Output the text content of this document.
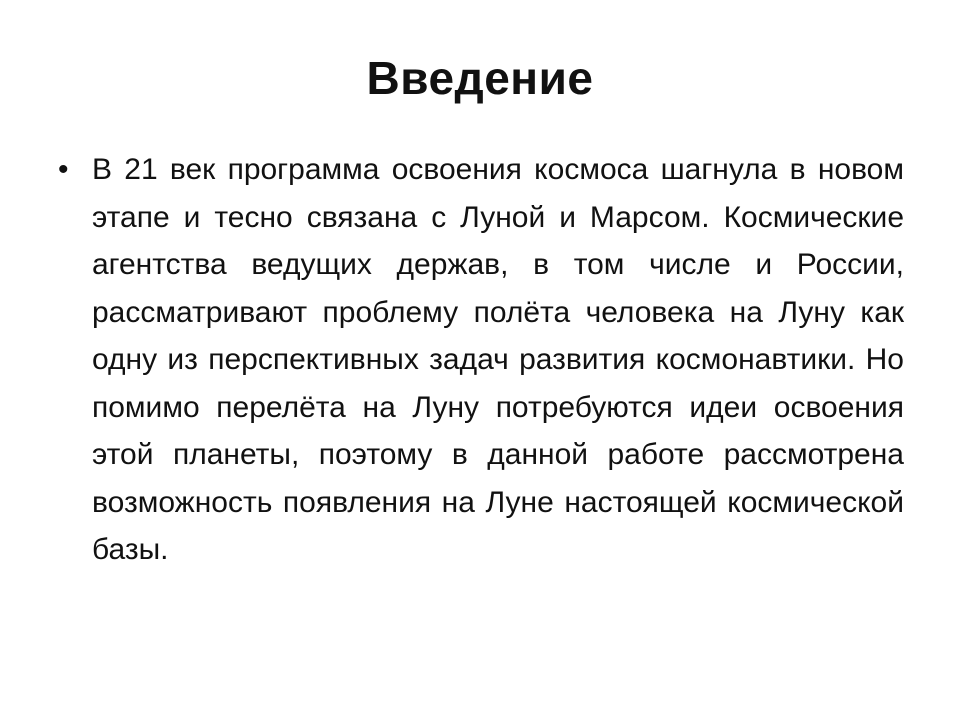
Введение
• В 21 век программа освоения космоса шагнула в новом этапе и тесно связана с Луной и Марсом. Космические агентства ведущих держав, в том числе и России, рассматривают проблему полёта человека на Луну как одну из перспективных задач развития космонавтики. Но помимо перелёта на Луну потребуются идеи освоения этой планеты, поэтому в данной работе рассмотрена возможность появления на Луне настоящей космической базы.
